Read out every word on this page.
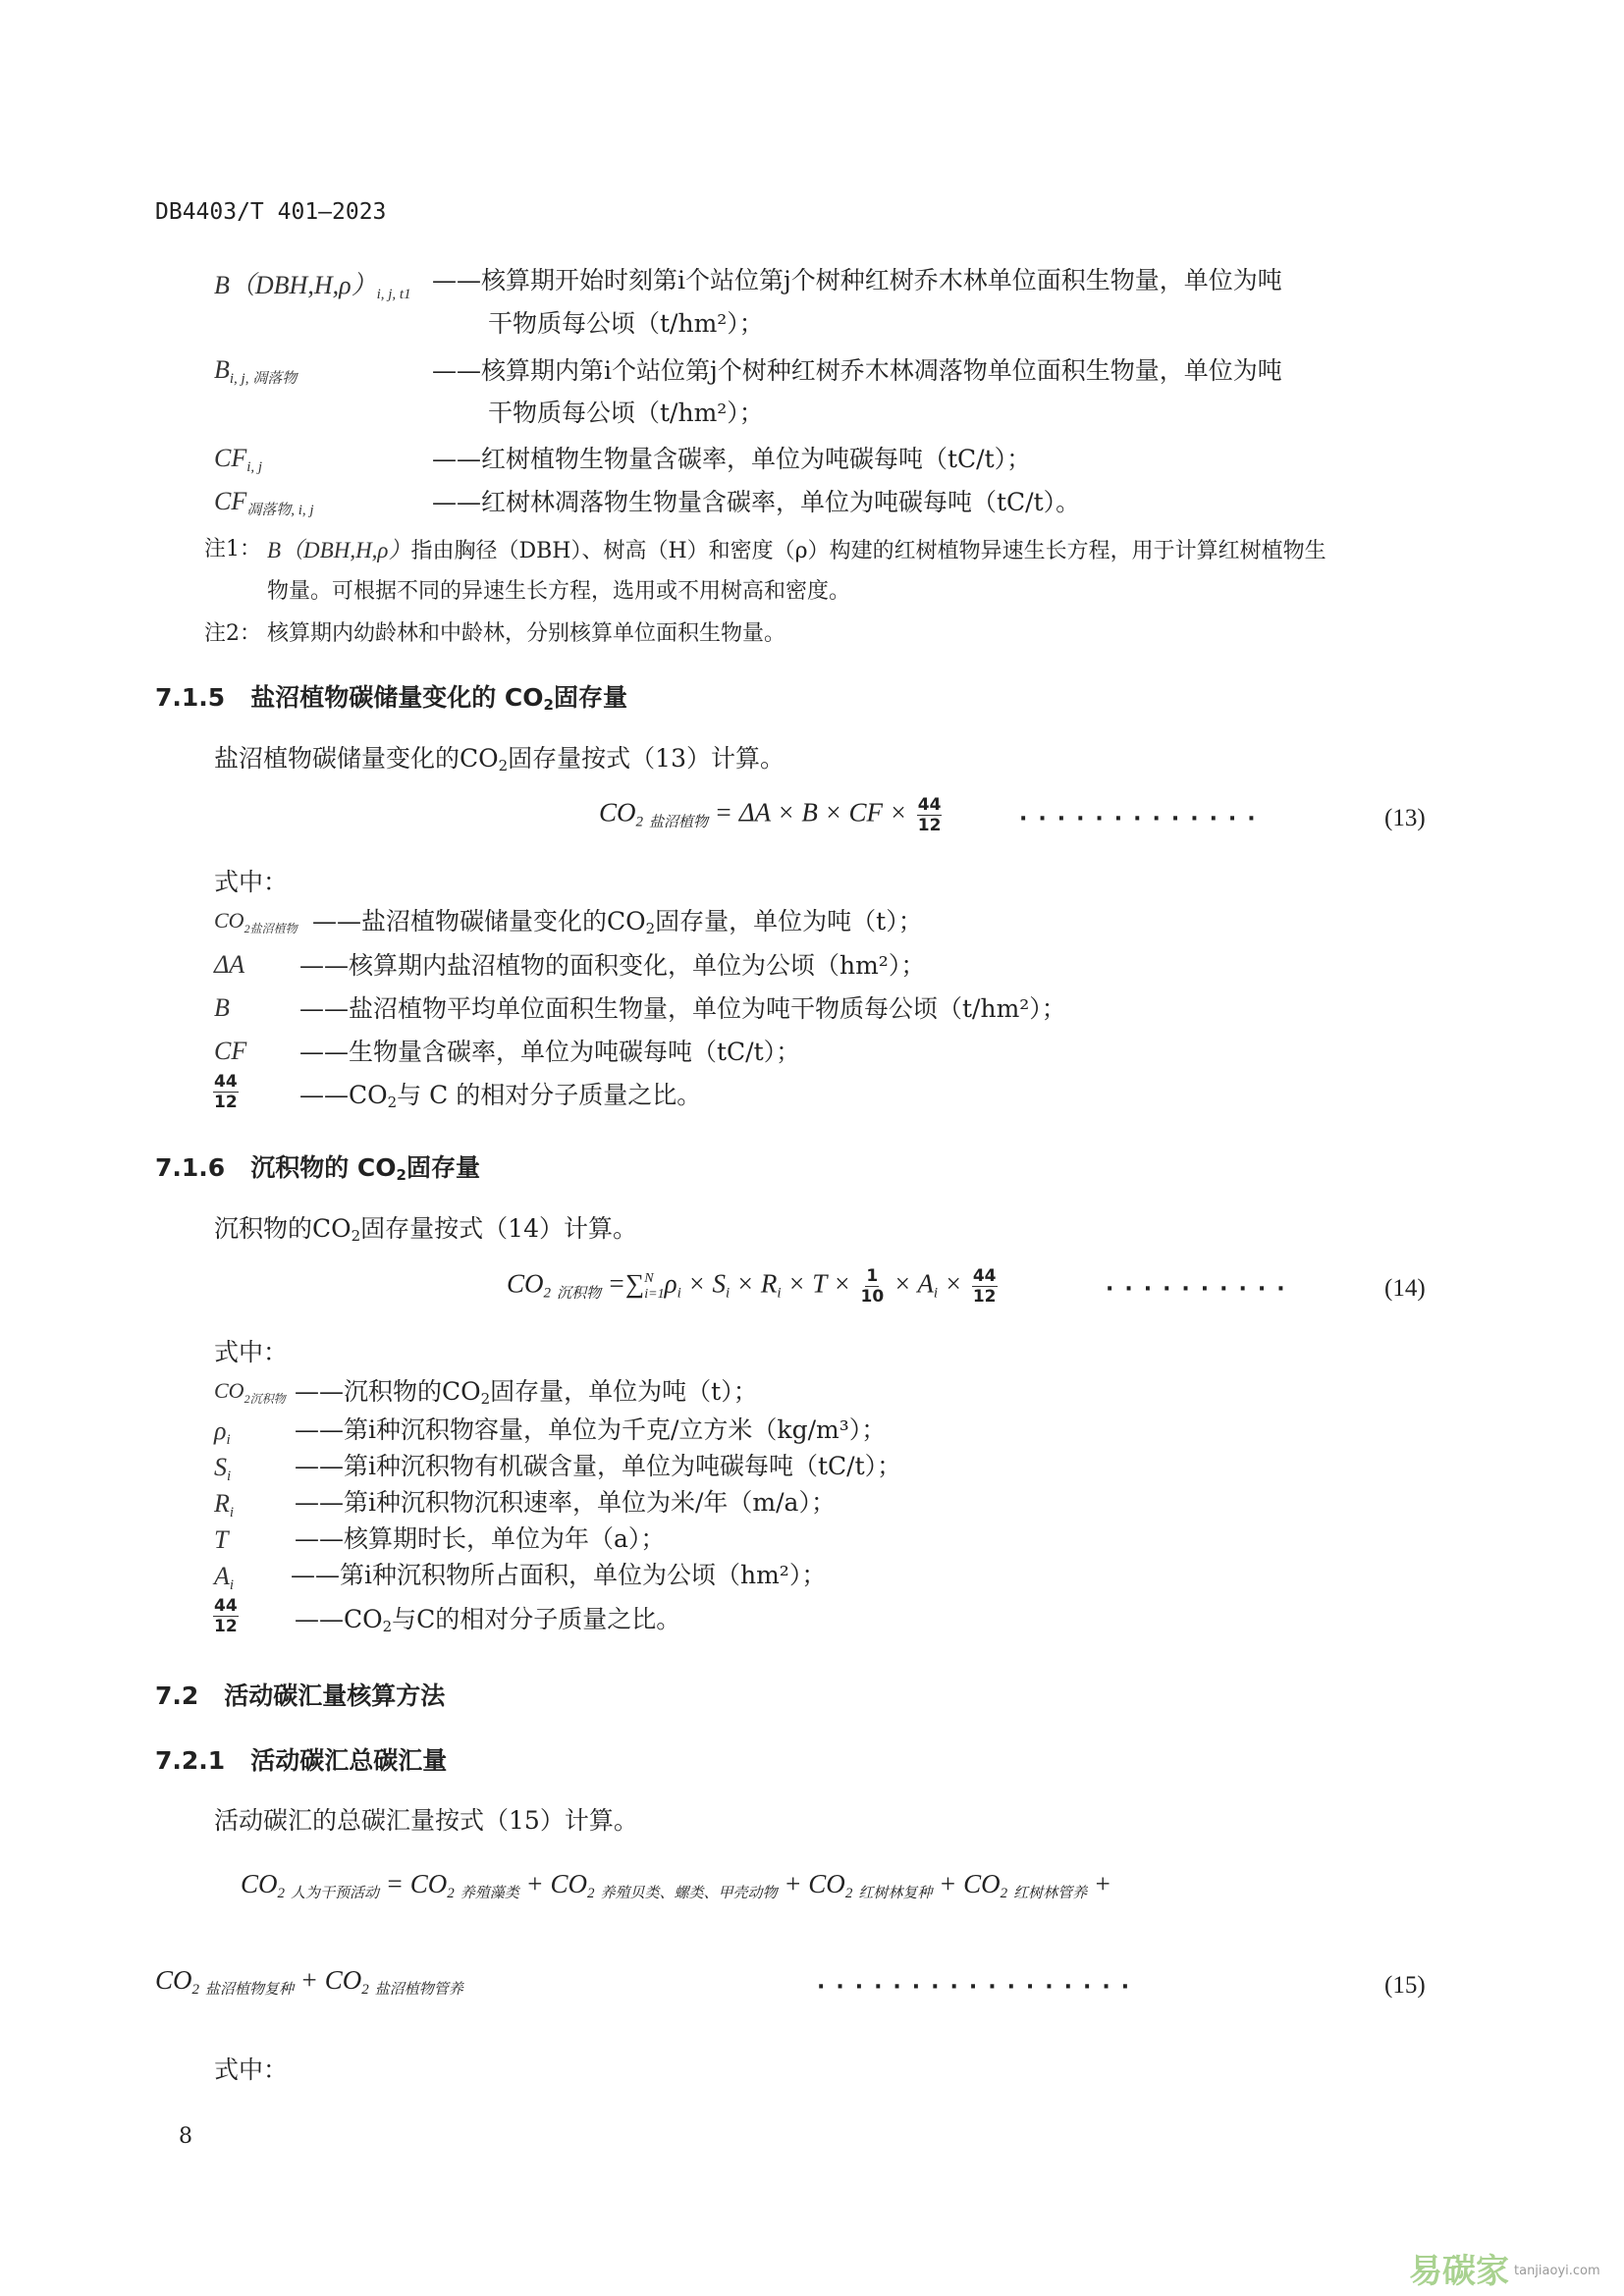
DB4403/T 401—2023
$B(DBH,H,\rho)_{i, j, t1}$ ——核算期开始时刻第i个站位第j个树种红树乔木林单位面积生物量，单位为吨
干物质每公顷（t/hm²）；
$B_{i, j, 凋落物}$	——核算期内第i个站位第j个树种红树乔木林凋落物单位面积生物量，单位为吨
干物质每公顷（t/hm²）；
$CF_{i, j}$	——红树植物生物量含碳率，单位为吨碳每吨（tC/t）；
$CF_{凋落物, i, j}$	——红树林凋落物生物量含碳率，单位为吨碳每吨（tC/t）。
注1： B（DBH,H,ρ）指由胸径（DBH）、树高（H）和密度（ρ）构建的红树植物异速生长方程，用于计算红树植物生
物量。可根据不同的异速生长方程，选用或不用树高和密度。
注2： 核算期内幼龄林和中龄林，分别核算单位面积生物量。
7.1.5 盐沼植物碳储量变化的 CO2固存量
盐沼植物碳储量变化的CO2固存量按式（13）计算。
$CO_2$ $_{盐沼植物}$ = ΔA × B × CF × $\frac{44}{12}$	·············	(13)
式中：
$CO_{2盐沼植物}$ ——盐沼植物碳储量变化的CO2固存量，单位为吨（t）；
ΔA ——核算期内盐沼植物的面积变化，单位为公顷（hm²）；
B	——盐沼植物平均单位面积生物量，单位为吨干物质每公顷（t/hm²）；
CF ——生物量含碳率，单位为吨碳每吨（tC/t）；
$\frac{44}{12}$ ——CO2与 C 的相对分子质量之比。
7.1.6 沉积物的 CO2固存量
沉积物的CO2固存量按式（14）计算。
$CO_2$ $_{沉积物}$ =∑ N
i=1 $\rho_i \times S_i \times R_i \times T \times \frac{1}{10} \times A_i \times \frac{44}{12}$	··········	(14)
式中：
$CO_{2沉积物}$ ——沉积物的CO2固存量，单位为吨（t）；
$\rho_i$	——第i种沉积物容量，单位为千克/立方米（kg/m³）；
$S_i$	——第i种沉积物有机碳含量，单位为吨碳每吨（tC/t）；
$R_i$ ——第i种沉积物沉积速率，单位为米/年（m/a）；
T	——核算期时长，单位为年（a）；
$A_i$ ——第i种沉积物所占面积，单位为公顷（hm²）；
$\frac{44}{12}$ ——CO2与C的相对分子质量之比。
7.2 活动碳汇量核算方法
7.2.1 活动碳汇总碳汇量
活动碳汇的总碳汇量按式（15）计算。
$CO_2$ $_{人为干预活动} = CO_2$ $_{养殖藻类} + CO_2$ $_{养殖贝类、螺类、甲壳动物} + CO_2$ $_{红树林复种} + CO_2$ $_{红树林管养}$ +
$CO_2$ $_{盐沼植物复种} + CO_2$ $_{盐沼植物管养}$	·················	(15)
式中：
8
易碳家 $^{tanjiaoyi.com}$
